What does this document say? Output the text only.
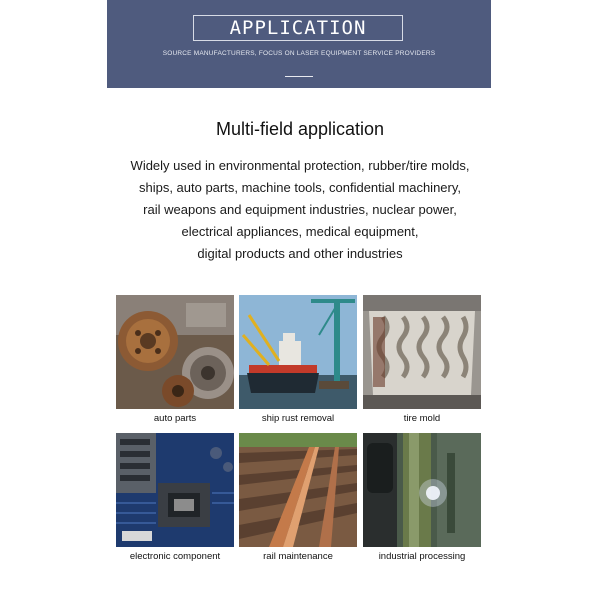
APPLICATION
SOURCE MANUFACTURERS, FOCUS ON LASER EQUIPMENT SERVICE PROVIDERS
Multi-field application
Widely used in environmental protection, rubber/tire molds,
ships, auto parts, machine tools, confidential machinery,
rail weapons and equipment industries, nuclear power,
electrical appliances, medical equipment,
digital products and other industries
auto parts	ship rust removal	tire mold
electronic component	rail maintenance	industrial processing
